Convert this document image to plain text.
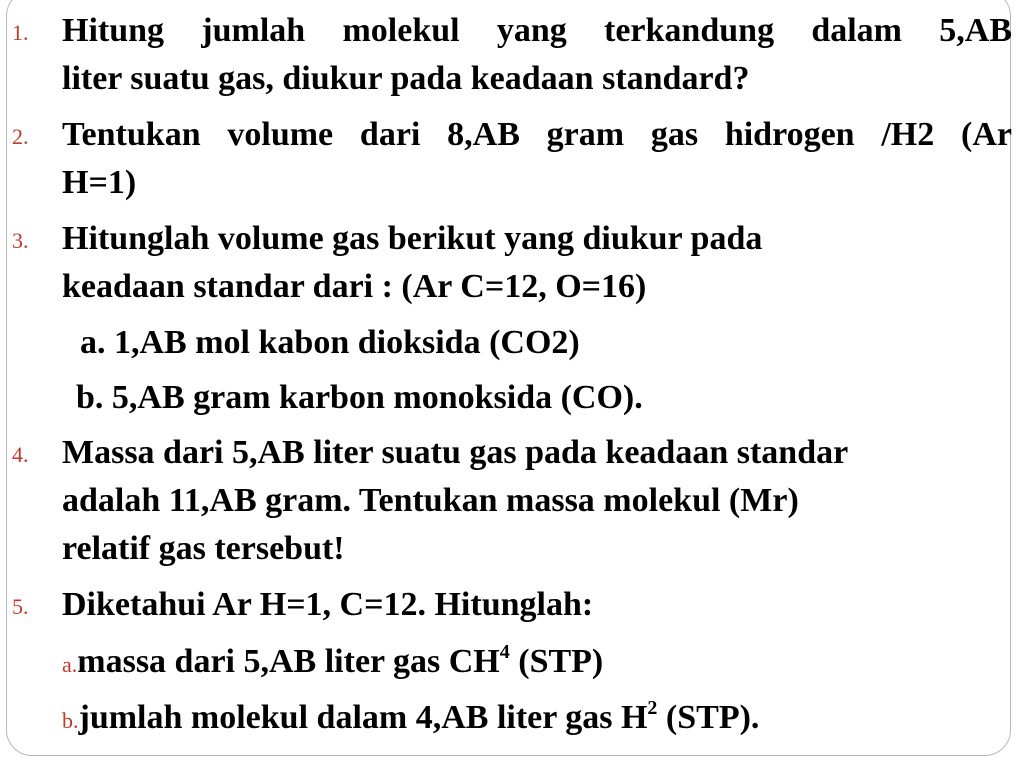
1. Hitung jumlah molekul yang terkandung dalam 5,AB
liter suatu gas, diukur pada keadaan standard?
2. Tentukan volume dari 8,AB gram gas hidrogen /H2 (Ar
H=1)
3. Hitunglah volume gas berikut yang diukur pada
keadaan standar dari : (Ar C=12, O=16)
a. 1,AB mol kabon dioksida (CO2)
b. 5,AB gram karbon monoksida (CO).
4. Massa dari 5,AB liter suatu gas pada keadaan standar
adalah 11,AB gram. Tentukan massa molekul (Mr)
relatif gas tersebut!
5. Diketahui Ar H=1, C=12. Hitunglah:
a.massa dari 5,AB liter gas $CH^4$ (STP)
b.jumlah molekul dalam 4,AB liter gas $H^2$ (STP).
